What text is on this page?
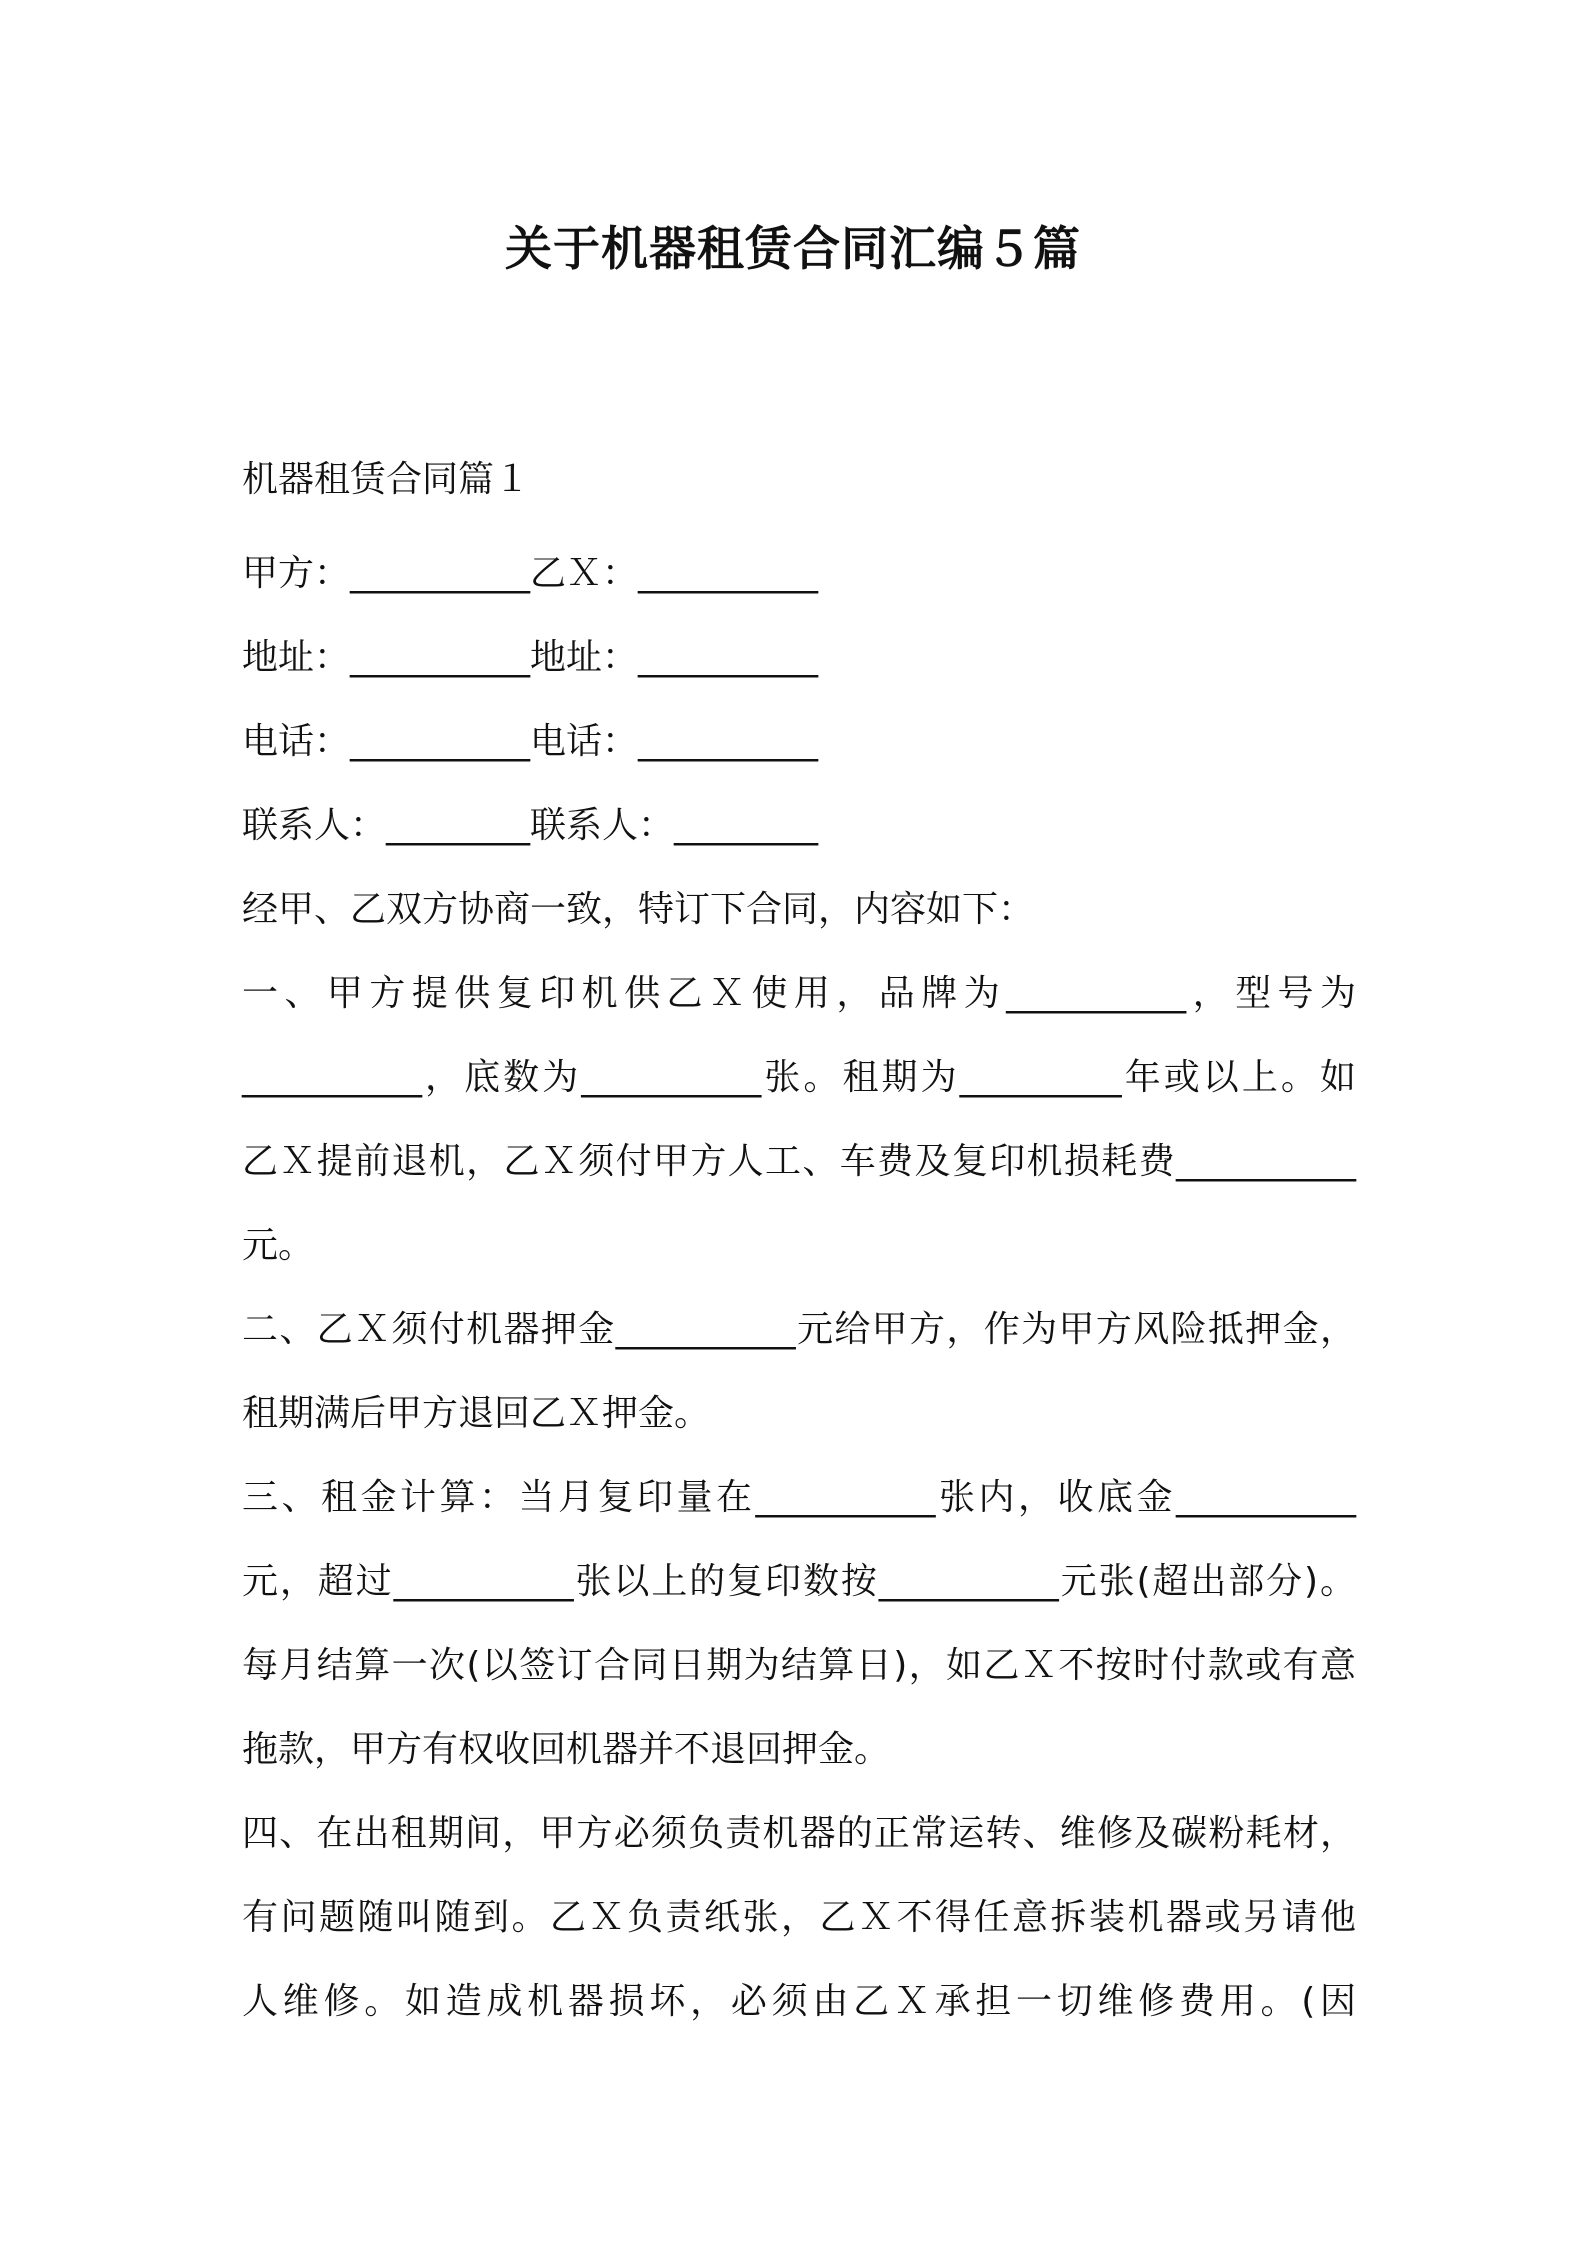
关于机器租赁合同汇编５篇
机器租赁合同篇１
甲方：__________乙Ｘ：__________
地址：__________地址：__________
电话：__________电话：__________
联系人：________联系人：________
经甲、乙双方协商一致，特订下合同，内容如下：
一、甲方提供复印机供乙Ｘ使用，品牌为__________，型号为
__________，底数为__________张。租期为_________年或以上。如
乙Ｘ提前退机，乙Ｘ须付甲方人工、车费及复印机损耗费__________
元。
二、乙Ｘ须付机器押金__________元给甲方，作为甲方风险抵押金，
租期满后甲方退回乙Ｘ押金。
三、租金计算：当月复印量在__________张内，收底金__________
元，超过__________张以上的复印数按__________元张(超出部分)。
每月结算一次(以签订合同日期为结算日)，如乙Ｘ不按时付款或有意
拖款，甲方有权收回机器并不退回押金。
四、在出租期间，甲方必须负责机器的正常运转、维修及碳粉耗材，
有问题随叫随到。乙Ｘ负责纸张，乙Ｘ不得任意拆装机器或另请他
人维修。如造成机器损坏，必须由乙Ｘ承担一切维修费用。(因
